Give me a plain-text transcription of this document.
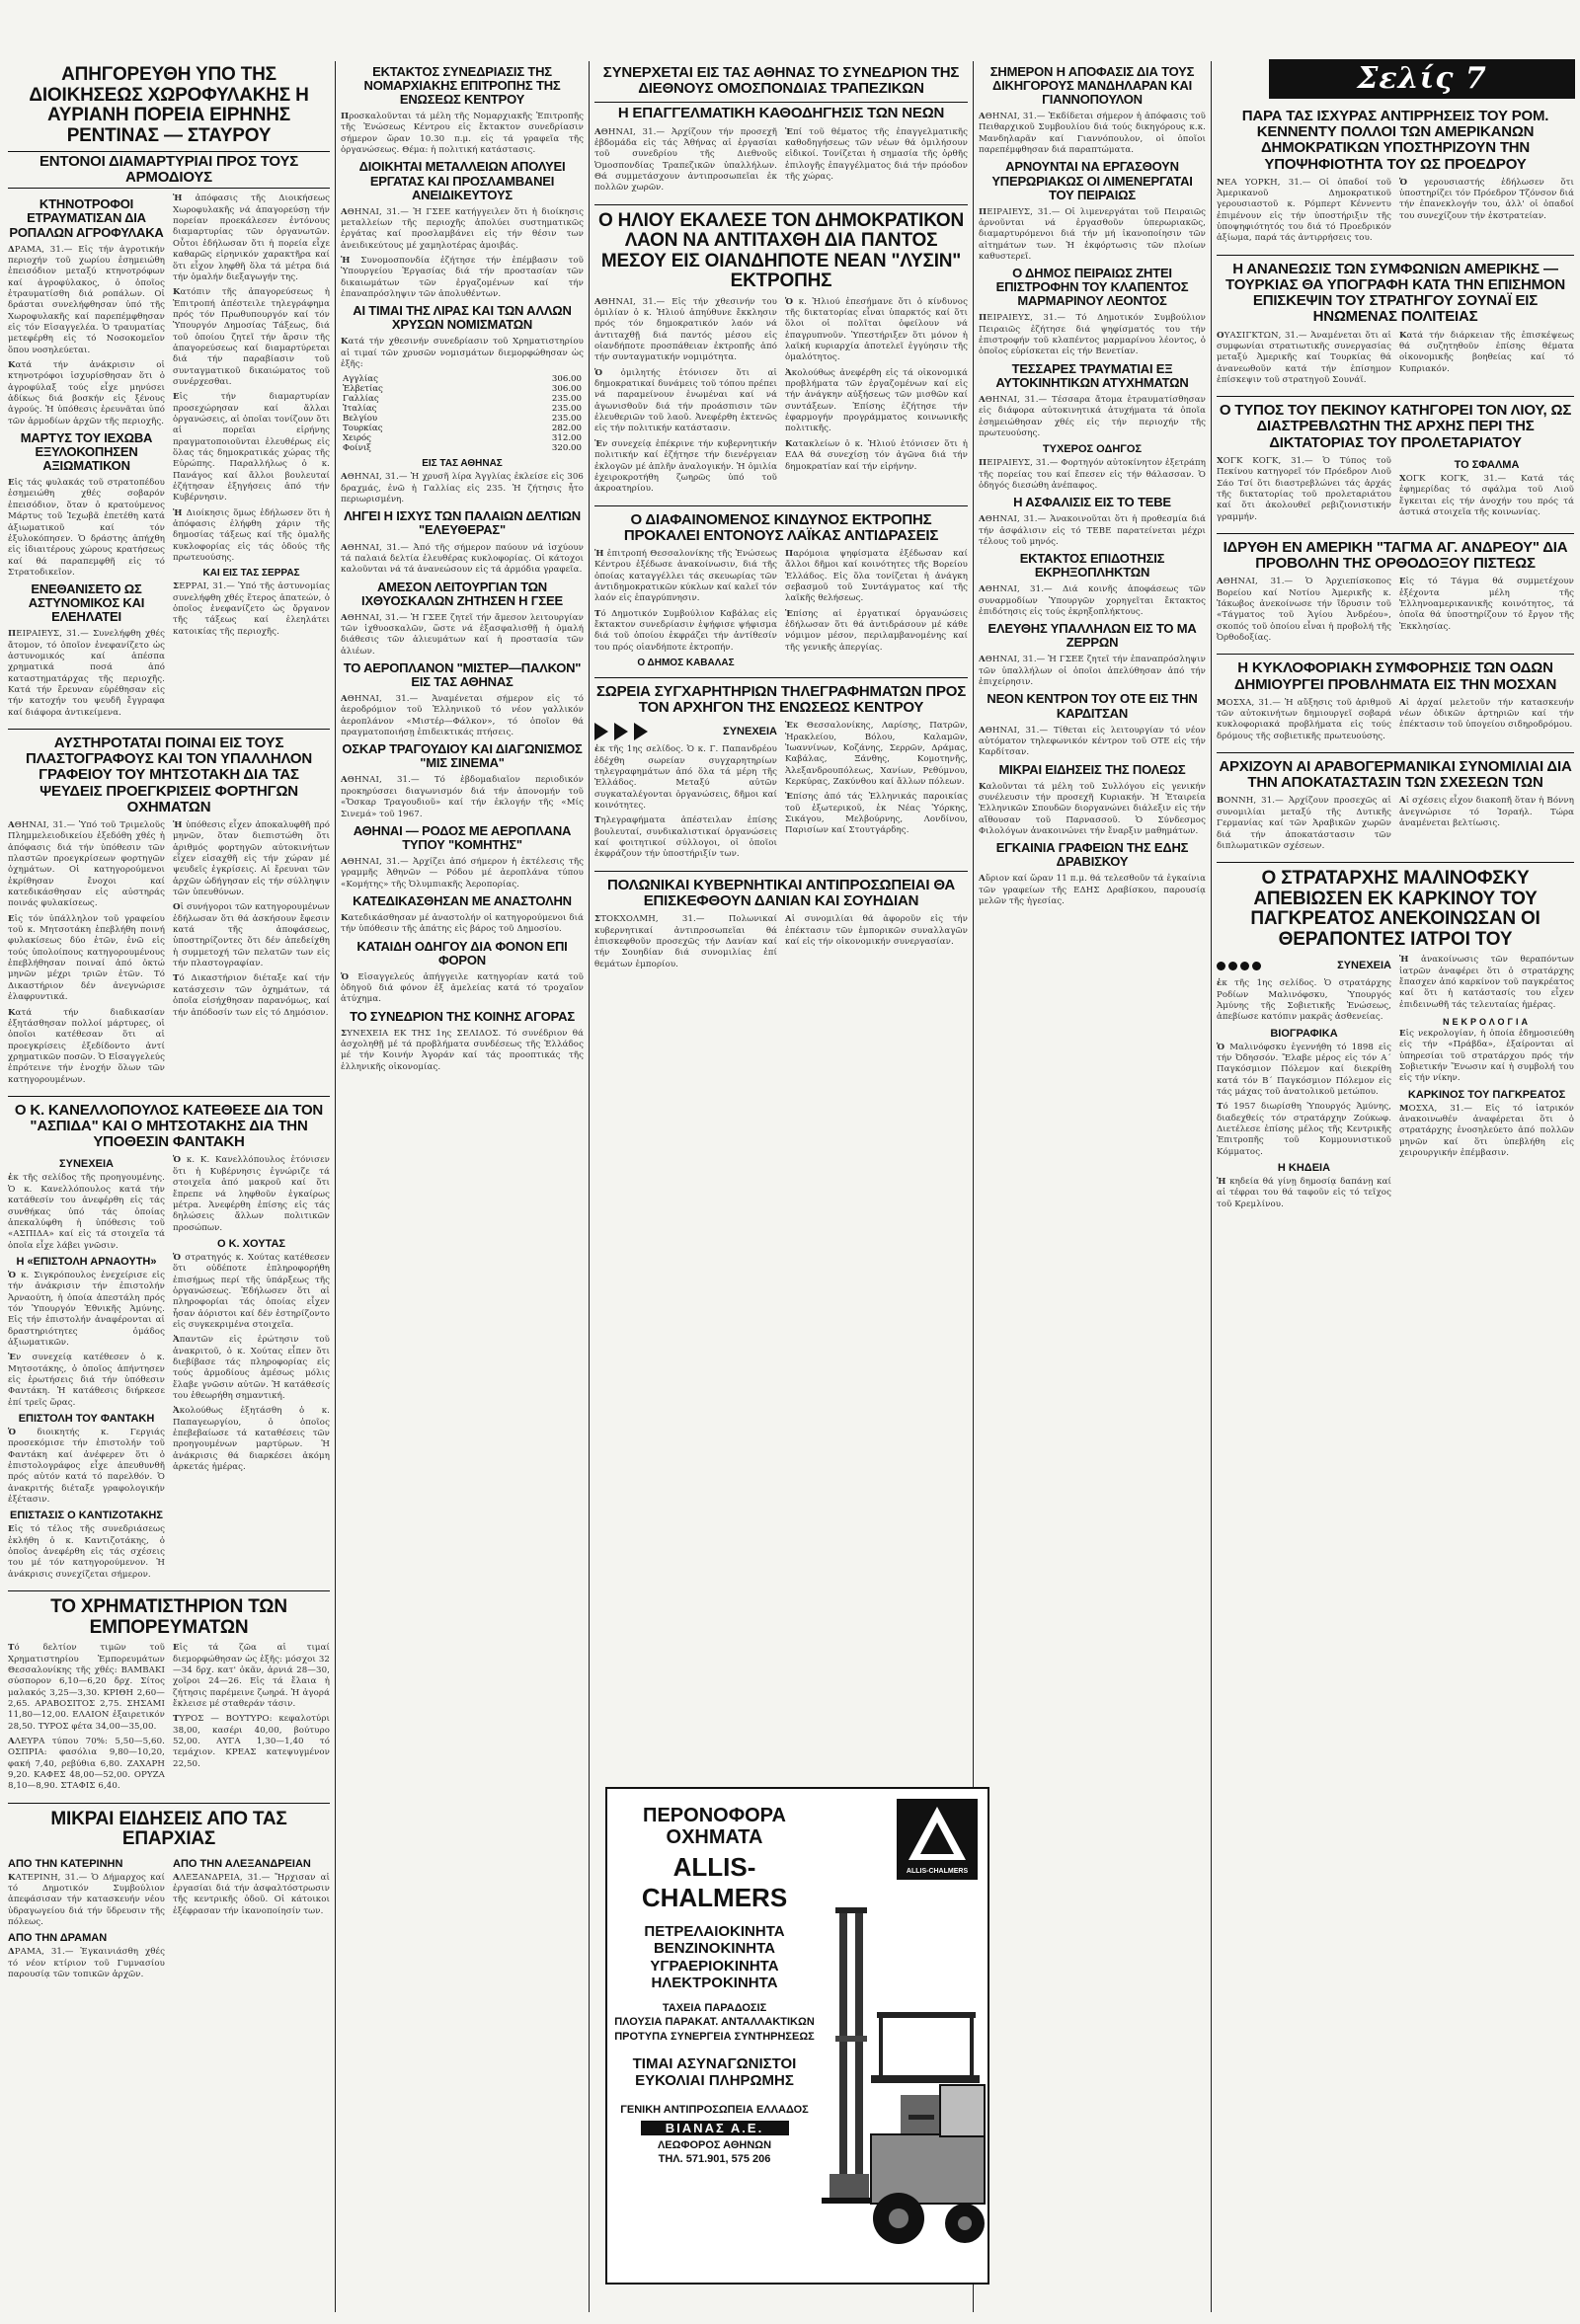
Σελίς 7
ΑΠΗΓΟΡΕΥΘΗ ΥΠΟ ΤΗΣ ΔΙΟΙΚΗΣΕΩΣ ΧΩΡΟΦΥΛΑΚΗΣ Η ΑΥΡΙΑΝΗ ΠΟΡΕΙΑ ΕΙΡΗΝΗΣ ΡΕΝΤΙΝΑΣ — ΣΤΑΥΡΟΥ
ΕΝΤΟΝΟΙ ΔΙΑΜΑΡΤΥΡΙΑΙ ΠΡΟΣ ΤΟΥΣ ΑΡΜΟΔΙΟΥΣ
ΚΤΗΝΟΤΡΟΦΟΙ ΕΤΡΑΥΜΑΤΙΣΑΝ ΔΙΑ ΡΟΠΑΛΩΝ ΑΓΡΟΦΥΛΑΚΑ

ΔΡΑΜΑ, 31.— Εἰς τήν ἀγροτικήν περιοχήν τοῦ χωρίου ἐσημειώθη ἐπεισόδιον μεταξύ κτηνοτρόφων καί ἀγροφύλακος, ὁ ὁποῖος ἐτραυματίσθη διά ροπάλων. Οἱ δράσται συνελήφθησαν ὑπό τῆς Χωροφυλακῆς καί παρεπέμφθησαν εἰς τόν Εἰσαγγελέα. Ὁ τραυματίας μετεφέρθη εἰς τό Νοσοκομεῖον ὅπου νοσηλεύεται.

Κατά τήν ἀνάκρισιν οἱ κτηνοτρόφοι ἰσχυρίσθησαν ὅτι ὁ ἀγροφύλαξ τούς εἶχε μηνύσει ἀδίκως διά βοσκήν εἰς ξένους ἀγρούς. Ἡ ὑπόθεσις ἐρευνᾶται ὑπό τῶν ἀρμοδίων ἀρχῶν τῆς περιοχῆς.

ΜΑΡΤΥΣ ΤΟΥ ΙΕΧΩΒΑ ΕΞΥΛΟΚΟΠΗΣΕΝ ΑΞΙΩΜΑΤΙΚΟΝ

Εἰς τάς φυλακάς τοῦ στρατοπέδου ἐσημειώθη χθές σοβαρόν ἐπεισόδιον, ὅταν ὁ κρατούμενος Μάρτυς τοῦ Ἰεχωβᾶ ἐπετέθη κατά ἀξιωματικοῦ καί τόν ἐξυλοκόπησεν. Ὁ δράστης ἀπήχθη εἰς ἰδιαιτέρους χώρους κρατήσεως καί θά παραπεμφθῆ εἰς τό Στρατοδικεῖον.

ΕΝΕΘΑΝΙΣΕΤΟ ΩΣ ΑΣΤΥΝΟΜΙΚΟΣ ΚΑΙ ΕΛΕΗΛΑΤΕΙ

ΠΕΙΡΑΙΕΥΣ, 31.— Συνελήφθη χθές ἄτομον, τό ὁποῖον ἐνεφανίζετο ὡς ἀστυνομικός καί ἀπέσπα χρηματικά ποσά ἀπό καταστηματάρχας τῆς περιοχῆς. Κατά τήν ἔρευναν εὑρέθησαν εἰς τήν κατοχήν του ψευδῆ ἔγγραφα καί διάφορα ἀντικείμενα.

Ἡ ἀπόφασις τῆς Διοικήσεως Χωροφυλακῆς νά ἀπαγορεύσῃ τήν πορείαν προεκάλεσεν ἐντόνους διαμαρτυρίας τῶν ὀργανωτῶν. Οὗτοι ἐδήλωσαν ὅτι ἡ πορεία εἶχε καθαρῶς εἰρηνικόν χαρακτῆρα καί ὅτι εἶχον ληφθῆ ὅλα τά μέτρα διά τήν ὁμαλήν διεξαγωγήν της.

Κατόπιν τῆς ἀπαγορεύσεως ἡ Ἐπιτροπή ἀπέστειλε τηλεγράφημα πρός τόν Πρωθυπουργόν καί τόν Ὑπουργόν Δημοσίας Τάξεως, διά τοῦ ὁποίου ζητεῖ τήν ἄρσιν τῆς ἀπαγορεύσεως καί διαμαρτύρεται διά τήν παραβίασιν τοῦ συνταγματικοῦ δικαιώματος τοῦ συνέρχεσθαι.

Εἰς τήν διαμαρτυρίαν προσεχώρησαν καί ἄλλαι ὀργανώσεις, αἱ ὁποῖαι τονίζουν ὅτι αἱ πορεῖαι εἰρήνης πραγματοποιοῦνται ἐλευθέρως εἰς ὅλας τάς δημοκρατικάς χώρας τῆς Εὐρώπης. Παραλλήλως ὁ κ. Πανάγος καί ἄλλοι βουλευταί ἐζήτησαν ἐξηγήσεις ἀπό τήν Κυβέρνησιν.

Ἡ Διοίκησις ὅμως ἐδήλωσεν ὅτι ἡ ἀπόφασις ἐλήφθη χάριν τῆς δημοσίας τάξεως καί τῆς ὁμαλῆς κυκλοφορίας εἰς τάς ὁδούς τῆς πρωτευούσης.

ΚΑΙ ΕΙΣ ΤΑΣ ΣΕΡΡΑΣ

ΣΕΡΡΑΙ, 31.— Ὑπό τῆς ἀστυνομίας συνελήφθη χθές ἕτερος ἀπατεών, ὁ ὁποῖος ἐνεφανίζετο ὡς ὄργανον τῆς τάξεως καί ἐλεηλάτει κατοικίας τῆς περιοχῆς.

ΑΥΣΤΗΡΟΤΑΤΑΙ ΠΟΙΝΑΙ ΕΙΣ ΤΟΥΣ ΠΛΑΣΤΟΓΡΑΦΟΥΣ ΚΑΙ ΤΟΝ ΥΠΑΛΛΗΛΟΝ ΓΡΑΦΕΙΟΥ ΤΟΥ ΜΗΤΣΟΤΑΚΗ ΔΙΑ ΤΑΣ ΨΕΥΔΕΙΣ ΠΡΟΕΓΚΡΙΣΕΙΣ ΦΟΡΤΗΓΩΝ ΟΧΗΜΑΤΩΝ

ΑΘΗΝΑΙ, 31.— Ὑπό τοῦ Τριμελοῦς Πλημμελειοδικείου ἐξεδόθη χθές ἡ ἀπόφασις διά τήν ὑπόθεσιν τῶν πλαστῶν προεγκρίσεων φορτηγῶν ὀχημάτων. Οἱ κατηγορούμενοι ἐκρίθησαν ἔνοχοι καί κατεδικάσθησαν εἰς αὐστηράς ποινάς φυλακίσεως.

Εἰς τόν ὑπάλληλον τοῦ γραφείου τοῦ κ. Μητσοτάκη ἐπεβλήθη ποινή φυλακίσεως δύο ἐτῶν, ἐνῶ εἰς τούς ὑπολοίπους κατηγορουμένους ἐπεβλήθησαν ποιναί ἀπό ὀκτώ μηνῶν μέχρι τριῶν ἐτῶν. Τό Δικαστήριον δέν ἀνεγνώρισε ἐλαφρυντικά.

Κατά τήν διαδικασίαν ἐξητάσθησαν πολλοί μάρτυρες, οἱ ὁποῖοι κατέθεσαν ὅτι αἱ προεγκρίσεις ἐξεδίδοντο ἀντί χρηματικῶν ποσῶν. Ὁ Εἰσαγγελεύς ἐπρότεινε τήν ἐνοχήν ὅλων τῶν κατηγορουμένων.

Ἡ ὑπόθεσις εἶχεν ἀποκαλυφθῆ πρό μηνῶν, ὅταν διεπιστώθη ὅτι ἀριθμός φορτηγῶν αὐτοκινήτων εἶχεν εἰσαχθῆ εἰς τήν χώραν μέ ψευδεῖς ἐγκρίσεις. Αἱ ἔρευναι τῶν ἀρχῶν ὡδήγησαν εἰς τήν σύλληψιν τῶν ὑπευθύνων.

Οἱ συνήγοροι τῶν κατηγορουμένων ἐδήλωσαν ὅτι θά ἀσκήσουν ἔφεσιν κατά τῆς ἀποφάσεως, ὑποστηρίζοντες ὅτι δέν ἀπεδείχθη ἡ συμμετοχή τῶν πελατῶν των εἰς τήν πλαστογραφίαν.

Τό Δικαστήριον διέταξε καί τήν κατάσχεσιν τῶν ὀχημάτων, τά ὁποῖα εἰσήχθησαν παρανόμως, καί τήν ἀπόδοσίν των εἰς τό Δημόσιον.

Ο Κ. ΚΑΝΕΛΛΟΠΟΥΛΟΣ ΚΑΤΕΘΕΣΕ ΔΙΑ ΤΟΝ "ΑΣΠΙΔΑ" ΚΑΙ Ο ΜΗΤΣΟΤΑΚΗΣ ΔΙΑ ΤΗΝ ΥΠΟΘΕΣΙΝ ΦΑΝΤΑΚΗ
ΣΥΝΕΧΕΙΑ

ἐκ τῆς σελίδος τῆς προηγουμένης. Ὁ κ. Κανελλόπουλος κατά τήν κατάθεσίν του ἀνεφέρθη εἰς τάς συνθήκας ὑπό τάς ὁποίας ἀπεκαλύφθη ἡ ὑπόθεσις τοῦ «ΑΣΠΙΔΑ» καί εἰς τά στοιχεῖα τά ὁποῖα εἶχε λάβει γνῶσιν.

Η «ΕΠΙΣΤΟΛΗ ΑΡΝΑΟΥΤΗ»

Ὁ κ. Σιγκρόπουλος ἐνεχείρισε εἰς τήν ἀνάκρισιν τήν ἐπιστολήν Ἀρναούτη, ἡ ὁποία ἀπεστάλη πρός τόν Ὑπουργόν Ἐθνικῆς Ἀμύνης. Εἰς τήν ἐπιστολήν ἀναφέρονται αἱ δραστηριότητες ὁμάδος ἀξιωματικῶν.

Ἐν συνεχείᾳ κατέθεσεν ὁ κ. Μητσοτάκης, ὁ ὁποῖος ἀπήντησεν εἰς ἐρωτήσεις διά τήν ὑπόθεσιν Φαντάκη. Ἡ κατάθεσις διήρκεσε ἐπί τρεῖς ὥρας.

ΕΠΙΣΤΟΛΗ ΤΟΥ ΦΑΝΤΑΚΗ

Ὁ διοικητής κ. Γεργιάς προσεκόμισε τήν ἐπιστολήν τοῦ Φαντάκη καί ἀνέφερεν ὅτι ὁ ἐπιστολογράφος εἶχε ἀπευθυνθῆ πρός αὐτόν κατά τό παρελθόν. Ὁ ἀνακριτής διέταξε γραφολογικήν ἐξέτασιν.

ΕΠΙΣΤΑΣΙΣ Ο ΚΑΝΤΙΖΟΤΑΚΗΣ

Εἰς τό τέλος τῆς συνεδριάσεως ἐκλήθη ὁ κ. Καντιζοτάκης, ὁ ὁποῖος ἀνεφέρθη εἰς τάς σχέσεις του μέ τόν κατηγορούμενον. Ἡ ἀνάκρισις συνεχίζεται σήμερον.

Ὁ κ. Κ. Κανελλόπουλος ἐτόνισεν ὅτι ἡ Κυβέρνησις ἐγνώριζε τά στοιχεῖα ἀπό μακροῦ καί ὅτι ἔπρεπε νά ληφθοῦν ἐγκαίρως μέτρα. Ἀνεφέρθη ἐπίσης εἰς τάς δηλώσεις ἄλλων πολιτικῶν προσώπων.

Ο Κ. ΧΟΥΤΑΣ

Ὁ στρατηγός κ. Χούτας κατέθεσεν ὅτι οὐδέποτε ἐπληροφορήθη ἐπισήμως περί τῆς ὑπάρξεως τῆς ὀργανώσεως. Ἐδήλωσεν ὅτι αἱ πληροφορίαι τάς ὁποίας εἶχεν ἦσαν ἀόριστοι καί δέν ἐστηρίζοντο εἰς συγκεκριμένα στοιχεῖα.

Ἀπαντῶν εἰς ἐρώτησιν τοῦ ἀνακριτοῦ, ὁ κ. Χούτας εἶπεν ὅτι διεβίβασε τάς πληροφορίας εἰς τούς ἀρμοδίους ἀμέσως μόλις ἔλαβε γνῶσιν αὐτῶν. Ἡ κατάθεσίς του ἐθεωρήθη σημαντική.

Ἀκολούθως ἐξητάσθη ὁ κ. Παπαγεωργίου, ὁ ὁποῖος ἐπεβεβαίωσε τά καταθέσεις τῶν προηγουμένων μαρτύρων. Ἡ ἀνάκρισις θά διαρκέσει ἀκόμη ἀρκετάς ἡμέρας.

ΤΟ ΧΡΗΜΑΤΙΣΤΗΡΙΟΝ ΤΩΝ ΕΜΠΟΡΕΥΜΑΤΩΝ

Τό δελτίον τιμῶν τοῦ Χρηματιστηρίου Ἐμπορευμάτων Θεσσαλονίκης τῆς χθές: ΒΑΜΒΑΚΙ σύσπορον 6,10—6,20 δρχ. Σίτος μαλακός 3,25—3,30. ΚΡΙΘΗ 2,60—2,65. ΑΡΑΒΟΣΙΤΟΣ 2,75. ΣΗΣΑΜΙ 11,80—12,00. ΕΛΑΙΟΝ ἐξαιρετικόν 28,50. ΤΥΡΟΣ φέτα 34,00—35,00.

ΑΛΕΥΡΑ τύπου 70%: 5,50—5,60. ΟΣΠΡΙΑ: φασόλια 9,80—10,20, φακή 7,40, ρεβύθια 6,80. ΖΑΧΑΡΗ 9,20. ΚΑΦΕΣ 48,00—52,00. ΟΡΥΖΑ 8,10—8,90. ΣΤΑΦΙΣ 6,40.

Εἰς τά ζῶα αἱ τιμαί διεμορφώθησαν ὡς ἑξῆς: μόσχοι 32—34 δρχ. κατ' ὀκᾶν, ἀρνιά 28—30, χοῖροι 24—26. Εἰς τά ἔλαια ἡ ζήτησις παρέμεινε ζωηρά. Ἡ ἀγορά ἔκλεισε μέ σταθεράν τάσιν.

ΤΥΡΟΣ — ΒΟΥΤΥΡΟ: κεφαλοτύρι 38,00, κασέρι 40,00, βούτυρο 52,00. ΑΥΓΑ 1,30—1,40 τό τεμάχιον. ΚΡΕΑΣ κατεψυγμένον 22,50.

ΜΙΚΡΑΙ ΕΙΔΗΣΕΙΣ ΑΠΟ ΤΑΣ ΕΠΑΡΧΙΑΣ
ΑΠΟ ΤΗΝ ΚΑΤΕΡΙΝΗΝ

ΚΑΤΕΡΙΝΗ, 31.— Ὁ Δήμαρχος καί τό Δημοτικόν Συμβούλιον ἀπεφάσισαν τήν κατασκευήν νέου ὑδραγωγείου διά τήν ὕδρευσιν τῆς πόλεως.

ΑΠΟ ΤΗΝ ΔΡΑΜΑΝ

ΔΡΑΜΑ, 31.— Ἐγκαινιάσθη χθές τό νέον κτίριον τοῦ Γυμνασίου παρουσίᾳ τῶν τοπικῶν ἀρχῶν.

ΑΠΟ ΤΗΝ ΑΛΕΞΑΝΔΡΕΙΑΝ

ΑΛΕΞΑΝΔΡΕΙΑ, 31.— Ἤρχισαν αἱ ἐργασίαι διά τήν ἀσφαλτόστρωσιν τῆς κεντρικῆς ὁδοῦ. Οἱ κάτοικοι ἐξέφρασαν τήν ἱκανοποίησίν των.

ΕΚΤΑΚΤΟΣ ΣΥΝΕΔΡΙΑΣΙΣ ΤΗΣ ΝΟΜΑΡΧΙΑΚΗΣ ΕΠΙΤΡΟΠΗΣ ΤΗΣ ΕΝΩΣΕΩΣ ΚΕΝΤΡΟΥ

Προσκαλοῦνται τά μέλη τῆς Νομαρχιακῆς Ἐπιτροπῆς τῆς Ἑνώσεως Κέντρου εἰς ἔκτακτον συνεδρίασιν σήμερον ὥραν 10.30 π.μ. εἰς τά γραφεῖα τῆς ὀργανώσεως. Θέμα: ἡ πολιτική κατάστασις.

ΔΙΟΙΚΗΤΑΙ ΜΕΤΑΛΛΕΙΩΝ ΑΠΟΛΥΕΙ ΕΡΓΑΤΑΣ ΚΑΙ ΠΡΟΣΛΑΜΒΑΝΕΙ ΑΝΕΙΔΙΚΕΥΤΟΥΣ

ΑΘΗΝΑΙ, 31.— Ἡ ΓΣΕΕ κατήγγειλεν ὅτι ἡ διοίκησις μεταλλείων τῆς περιοχῆς ἀπολύει συστηματικῶς ἐργάτας καί προσλαμβάνει εἰς τήν θέσιν των ἀνειδικεύτους μέ χαμηλοτέρας ἀμοιβάς.

Ἡ Συνομοσπονδία ἐζήτησε τήν ἐπέμβασιν τοῦ Ὑπουργείου Ἐργασίας διά τήν προστασίαν τῶν δικαιωμάτων τῶν ἐργαζομένων καί τήν ἐπαναπρόσληψιν τῶν ἀπολυθέντων.

ΑΙ ΤΙΜΑΙ ΤΗΣ ΛΙΡΑΣ ΚΑΙ ΤΩΝ ΑΛΛΩΝ ΧΡΥΣΩΝ ΝΟΜΙΣΜΑΤΩΝ

Κατά τήν χθεσινήν συνεδρίασιν τοῦ Χρηματιστηρίου αἱ τιμαί τῶν χρυσῶν νομισμάτων διεμορφώθησαν ὡς ἑξῆς:

Αγγλίας	306.00
Ἑλβετίας	306.00
Γαλλίας	235.00
Ἰταλίας	235.00
Βελγίου	235.00
Τουρκίας	282.00
Χειρός	312.00
Φοίνιξ	320.00
ΕΙΣ ΤΑΣ ΑΘΗΝΑΣ

ΑΘΗΝΑΙ, 31.— Ἡ χρυσῆ λίρα Ἀγγλίας ἐκλείσε εἰς 306 δραχμάς, ἐνῶ ἡ Γαλλίας εἰς 235. Ἡ ζήτησις ἦτο περιωρισμένη.

ΛΗΓΕΙ Η ΙΣΧΥΣ ΤΩΝ ΠΑΛΑΙΩΝ ΔΕΛΤΙΩΝ "ΕΛΕΥΘΕΡΑΣ"

ΑΘΗΝΑΙ, 31.— Ἀπό τῆς σήμερον παύουν νά ἰσχύουν τά παλαιά δελτία ἐλευθέρας κυκλοφορίας. Οἱ κάτοχοι καλοῦνται νά τά ἀνανεώσουν εἰς τά ἀρμόδια γραφεῖα.

ΑΜΕΣΟΝ ΛΕΙΤΟΥΡΓΙΑΝ ΤΩΝ ΙΧΘΥΟΣΚΑΛΩΝ ΖΗΤΗΣΕΝ Η ΓΣΕΕ

ΑΘΗΝΑΙ, 31.— Ἡ ΓΣΕΕ ζητεῖ τήν ἄμεσον λειτουργίαν τῶν ἰχθυοσκαλῶν, ὥστε νά ἐξασφαλισθῇ ἡ ὁμαλή διάθεσις τῶν ἀλιευμάτων καί ἡ προστασία τῶν ἁλιέων.

ΤΟ ΑΕΡΟΠΛΑΝΟΝ "ΜΙΣΤΕΡ—ΠΑΛΚΟΝ" ΕΙΣ ΤΑΣ ΑΘΗΝΑΣ

ΑΘΗΝΑΙ, 31.— Ἀναμένεται σήμερον εἰς τό ἀεροδρόμιον τοῦ Ἑλληνικοῦ τό νέον γαλλικόν ἀεροπλάνον «Μιστέρ—Φάλκον», τό ὁποῖον θά πραγματοποιήσῃ ἐπιδεικτικάς πτήσεις.

ΟΣΚΑΡ ΤΡΑΓΟΥΔΙΟΥ ΚΑΙ ΔΙΑΓΩΝΙΣΜΟΣ "ΜΙΣ ΣΙΝΕΜΑ"

ΑΘΗΝΑΙ, 31.— Τό ἑβδομαδιαῖον περιοδικόν προκηρύσσει διαγωνισμόν διά τήν ἀπονομήν τοῦ «Ὄσκαρ Τραγουδιοῦ» καί τήν ἐκλογήν τῆς «Μίς Σινεμά» τοῦ 1967.

ΑΘΗΝΑΙ — ΡΟΔΟΣ ΜΕ ΑΕΡΟΠΛΑΝΑ ΤΥΠΟΥ "ΚΟΜΗΤΗΣ"

ΑΘΗΝΑΙ, 31.— Ἀρχίζει ἀπό σήμερον ἡ ἐκτέλεσις τῆς γραμμῆς Ἀθηνῶν — Ρόδου μέ ἀεροπλάνα τύπου «Κομήτης» τῆς Ὀλυμπιακῆς Ἀεροπορίας.

ΚΑΤΕΔΙΚΑΣΘΗΣΑΝ ΜΕ ΑΝΑΣΤΟΛΗΝ

Κατεδικάσθησαν μέ ἀναστολήν οἱ κατηγορούμενοι διά τήν ὑπόθεσιν τῆς ἀπάτης εἰς βάρος τοῦ Δημοσίου.

ΚΑΤΑΙΔΗ ΟΔΗΓΟΥ ΔΙΑ ΦΟΝΟΝ ΕΠΙ ΦΟΡΟΝ

Ὁ Εἰσαγγελεύς ἀπήγγειλε κατηγορίαν κατά τοῦ ὁδηγοῦ διά φόνον ἐξ ἀμελείας κατά τό τροχαῖον ἀτύχημα.

ΤΟ ΣΥΝΕΔΡΙΟΝ ΤΗΣ ΚΟΙΝΗΣ ΑΓΟΡΑΣ

ΣΥΝΕΧΕΙΑ ΕΚ ΤΗΣ 1ης ΣΕΛΙΔΟΣ. Τό συνέδριον θά ἀσχοληθῇ μέ τά προβλήματα συνδέσεως τῆς Ἑλλάδος μέ τήν Κοινήν Ἀγοράν καί τάς προοπτικάς τῆς ἑλληνικῆς οἰκονομίας.

ΣΥΝΕΡΧΕΤΑΙ ΕΙΣ ΤΑΣ ΑΘΗΝΑΣ ΤΟ ΣΥΝΕΔΡΙΟΝ ΤΗΣ ΔΙΕΘΝΟΥΣ ΟΜΟΣΠΟΝΔΙΑΣ ΤΡΑΠΕΖΙΚΩΝ
Η ΕΠΑΓΓΕΛΜΑΤΙΚΗ ΚΑΘΟΔΗΓΗΣΙΣ ΤΩΝ ΝΕΩΝ

ΑΘΗΝΑΙ, 31.— Ἀρχίζουν τήν προσεχῆ ἑβδομάδα εἰς τάς Ἀθήνας αἱ ἐργασίαι τοῦ συνεδρίου τῆς Διεθνοῦς Ὁμοσπονδίας Τραπεζικῶν ὑπαλλήλων. Θά συμμετάσχουν ἀντιπροσωπεῖαι ἐκ πολλῶν χωρῶν.

Ἐπί τοῦ θέματος τῆς ἐπαγγελματικῆς καθοδηγήσεως τῶν νέων θά ὁμιλήσουν εἰδικοί. Τονίζεται ἡ σημασία τῆς ὀρθῆς ἐπιλογῆς ἐπαγγέλματος διά τήν πρόοδον τῆς χώρας.

Ο ΗΛΙΟΥ ΕΚΑΛΕΣΕ ΤΟΝ ΔΗΜΟΚΡΑΤΙΚΟΝ ΛΑΟΝ ΝΑ ΑΝΤΙΤΑΧΘΗ ΔΙΑ ΠΑΝΤΟΣ ΜΕΣΟΥ ΕΙΣ ΟΙΑΝΔΗΠΟΤΕ ΝΕΑΝ "ΛΥΣΙΝ" ΕΚΤΡΟΠΗΣ

ΑΘΗΝΑΙ, 31.— Εἰς τήν χθεσινήν του ὁμιλίαν ὁ κ. Ἠλιού ἀπηύθυνε ἔκκλησιν πρός τόν δημοκρατικόν λαόν νά ἀντιταχθῇ διά παντός μέσου εἰς οἱανδήποτε προσπάθειαν ἐκτροπῆς ἀπό τήν συνταγματικήν νομιμότητα.

Ὁ ὁμιλητής ἐτόνισεν ὅτι αἱ δημοκρατικαί δυνάμεις τοῦ τόπου πρέπει νά παραμείνουν ἑνωμέναι καί νά ἀγωνισθοῦν διά τήν προάσπισιν τῶν ἐλευθεριῶν τοῦ λαοῦ. Ἀνεφέρθη ἐκτενῶς εἰς τήν πολιτικήν κατάστασιν.

Ἐν συνεχείᾳ ἐπέκρινε τήν κυβερνητικήν πολιτικήν καί ἐζήτησε τήν διενέργειαν ἐκλογῶν μέ ἁπλῆν ἀναλογικήν. Ἡ ὁμιλία ἐχειροκροτήθη ζωηρῶς ὑπό τοῦ ἀκροατηρίου.

Ὁ κ. Ἠλιού ἐπεσήμανε ὅτι ὁ κίνδυνος τῆς δικτατορίας εἶναι ὑπαρκτός καί ὅτι ὅλοι οἱ πολῖται ὀφείλουν νά ἐπαγρυπνοῦν. Ὑπεστήριξεν ὅτι μόνον ἡ λαϊκή κυριαρχία ἀποτελεῖ ἐγγύησιν τῆς ὁμαλότητος.

Ἀκολούθως ἀνεφέρθη εἰς τά οἰκονομικά προβλήματα τῶν ἐργαζομένων καί εἰς τήν ἀνάγκην αὐξήσεως τῶν μισθῶν καί συντάξεων. Ἐπίσης ἐζήτησε τήν ἐφαρμογήν προγράμματος κοινωνικῆς πολιτικῆς.

Κατακλείων ὁ κ. Ἠλιού ἐτόνισεν ὅτι ἡ ΕΔΑ θά συνεχίσῃ τόν ἀγῶνα διά τήν δημοκρατίαν καί τήν εἰρήνην.

Ο ΔΙΑΦΑΙΝΟΜΕΝΟΣ ΚΙΝΔΥΝΟΣ ΕΚΤΡΟΠΗΣ ΠΡΟΚΑΛΕΙ ΕΝΤΟΝΟΥΣ ΛΑΪΚΑΣ ΑΝΤΙΔΡΑΣΕΙΣ

Ἡ ἐπιτροπή Θεσσαλονίκης τῆς Ἑνώσεως Κέντρου ἐξέδωσε ἀνακοίνωσιν, διά τῆς ὁποίας καταγγέλλει τάς σκευωρίας τῶν ἀντιδημοκρατικῶν κύκλων καί καλεῖ τόν λαόν εἰς ἐπαγρύπνησιν.

Τό Δημοτικόν Συμβούλιον Καβάλας εἰς ἔκτακτον συνεδρίασιν ἐψήφισε ψήφισμα διά τοῦ ὁποίου ἐκφράζει τήν ἀντίθεσίν του πρός οἱανδήποτε ἐκτροπήν.

Ο ΔΗΜΟΣ ΚΑΒΑΛΑΣ

Παρόμοια ψηφίσματα ἐξέδωσαν καί ἄλλοι δῆμοι καί κοινότητες τῆς Βορείου Ἑλλάδος. Εἰς ὅλα τονίζεται ἡ ἀνάγκη σεβασμοῦ τοῦ Συντάγματος καί τῆς λαϊκῆς θελήσεως.

Ἐπίσης αἱ ἐργατικαί ὀργανώσεις ἐδήλωσαν ὅτι θά ἀντιδράσουν μέ κάθε νόμιμον μέσον, περιλαμβανομένης καί τῆς γενικῆς ἀπεργίας.

ΣΩΡΕΙΑ ΣΥΓΧΑΡΗΤΗΡΙΩΝ ΤΗΛΕΓΡΑΦΗΜΑΤΩΝ ΠΡΟΣ ΤΟΝ ΑΡΧΗΓΟΝ ΤΗΣ ΕΝΩΣΕΩΣ ΚΕΝΤΡΟΥ
ΣΥΝΕΧΕΙΑ

ἐκ τῆς 1ης σελίδος. Ὁ κ. Γ. Παπανδρέου ἐδέχθη σωρείαν συγχαρητηρίων τηλεγραφημάτων ἀπό ὅλα τά μέρη τῆς Ἑλλάδος. Μεταξύ αὐτῶν συγκαταλέγονται ὀργανώσεις, δῆμοι καί κοινότητες.

Τηλεγραφήματα ἀπέστειλαν ἐπίσης βουλευταί, συνδικαλιστικαί ὀργανώσεις καί φοιτητικοί σύλλογοι, οἱ ὁποῖοι ἐκφράζουν τήν ὑποστήριξίν των.

Ἐκ Θεσσαλονίκης, Λαρίσης, Πατρῶν, Ἡρακλείου, Βόλου, Καλαμῶν, Ἰωαννίνων, Κοζάνης, Σερρῶν, Δράμας, Καβάλας, Ξάνθης, Κομοτηνῆς, Ἀλεξανδρουπόλεως, Χανίων, Ρεθύμνου, Κερκύρας, Ζακύνθου καί ἄλλων πόλεων.

Ἐπίσης ἀπό τάς Ἑλληνικάς παροικίας τοῦ ἐξωτερικοῦ, ἐκ Νέας Ὑόρκης, Σικάγου, Μελβούρνης, Λονδίνου, Παρισίων καί Στουτγάρδης.

ΠΟΛΩΝΙΚΑΙ ΚΥΒΕΡΝΗΤΙΚΑΙ ΑΝΤΙΠΡΟΣΩΠΕΙΑΙ ΘΑ ΕΠΙΣΚΕΦΘΟΥΝ ΔΑΝΙΑΝ ΚΑΙ ΣΟΥΗΔΙΑΝ

ΣΤΟΚΧΟΛΜΗ, 31.— Πολωνικαί κυβερνητικαί ἀντιπροσωπεῖαι θά ἐπισκεφθοῦν προσεχῶς τήν Δανίαν καί τήν Σουηδίαν διά συνομιλίας ἐπί θεμάτων ἐμπορίου.

Αἱ συνομιλίαι θά ἀφοροῦν εἰς τήν ἐπέκτασιν τῶν ἐμπορικῶν συναλλαγῶν καί εἰς τήν οἰκονομικήν συνεργασίαν.

ΣΗΜΕΡΟΝ Η ΑΠΟΦΑΣΙΣ ΔΙΑ ΤΟΥΣ ΔΙΚΗΓΟΡΟΥΣ ΜΑΝΔΗΛΑΡΑΝ ΚΑΙ ΓΙΑΝΝΟΠΟΥΛΟΝ

ΑΘΗΝΑΙ, 31.— Ἐκδίδεται σήμερον ἡ ἀπόφασις τοῦ Πειθαρχικοῦ Συμβουλίου διά τούς δικηγόρους κ.κ. Μανδηλαρᾶν καί Γιαννόπουλον, οἱ ὁποῖοι παρεπέμφθησαν διά παραπτώματα.

ΑΡΝΟΥΝΤΑΙ ΝΑ ΕΡΓΑΣΘΟΥΝ ΥΠΕΡΩΡΙΑΚΩΣ ΟΙ ΛΙΜΕΝΕΡΓΑΤΑΙ ΤΟΥ ΠΕΙΡΑΙΩΣ

ΠΕΙΡΑΙΕΥΣ, 31.— Οἱ λιμενεργάται τοῦ Πειραιῶς ἀρνοῦνται νά ἐργασθοῦν ὑπερωριακῶς, διαμαρτυρόμενοι διά τήν μή ἱκανοποίησιν τῶν αἰτημάτων των. Ἡ ἐκφόρτωσις τῶν πλοίων καθυστερεῖ.

Ο ΔΗΜΟΣ ΠΕΙΡΑΙΩΣ ΖΗΤΕΙ ΕΠΙΣΤΡΟΦΗΝ ΤΟΥ ΚΛΑΠΕΝΤΟΣ ΜΑΡΜΑΡΙΝΟΥ ΛΕΟΝΤΟΣ

ΠΕΙΡΑΙΕΥΣ, 31.— Τό Δημοτικόν Συμβούλιον Πειραιῶς ἐζήτησε διά ψηφίσματός του τήν ἐπιστροφήν τοῦ κλαπέντος μαρμαρίνου λέοντος, ὁ ὁποῖος εὑρίσκεται εἰς τήν Βενετίαν.

ΤΕΣΣΑΡΕΣ ΤΡΑΥΜΑΤΙΑΙ ΕΞ ΑΥΤΟΚΙΝΗΤΙΚΩΝ ΑΤΥΧΗΜΑΤΩΝ

ΑΘΗΝΑΙ, 31.— Τέσσαρα ἄτομα ἐτραυματίσθησαν εἰς διάφορα αὐτοκινητικά ἀτυχήματα τά ὁποῖα ἐσημειώθησαν χθές εἰς τήν περιοχήν τῆς πρωτευούσης.

ΤΥΧΕΡΟΣ ΟΔΗΓΟΣ

ΠΕΙΡΑΙΕΥΣ, 31.— Φορτηγόν αὐτοκίνητον ἐξετράπη τῆς πορείας του καί ἔπεσεν εἰς τήν θάλασσαν. Ὁ ὁδηγός διεσώθη ἀνέπαφος.

Η ΑΣΦΑΛΙΣΙΣ ΕΙΣ ΤΟ ΤΕΒΕ

ΑΘΗΝΑΙ, 31.— Ἀνακοινοῦται ὅτι ἡ προθεσμία διά τήν ἀσφάλισιν εἰς τό ΤΕΒΕ παρατείνεται μέχρι τέλους τοῦ μηνός.

ΕΚΤΑΚΤΟΣ ΕΠΙΔΟΤΗΣΙΣ ΕΚΡΗΞΟΠΛΗΚΤΩΝ

ΑΘΗΝΑΙ, 31.— Διά κοινῆς ἀποφάσεως τῶν συναρμοδίων Ὑπουργῶν χορηγεῖται ἔκτακτος ἐπιδότησις εἰς τούς ἐκρηξοπλήκτους.

ΕΛΕΥΘΗΣ ΥΠΑΛΛΗΛΩΝ ΕΙΣ ΤΟ ΜΑ ΖΕΡΡΩΝ

ΑΘΗΝΑΙ, 31.— Ἡ ΓΣΕΕ ζητεῖ τήν ἐπαναπρόσληψιν τῶν ὑπαλλήλων οἱ ὁποῖοι ἀπελύθησαν ἀπό τήν ἐπιχείρησιν.

ΝΕΟΝ ΚΕΝΤΡΟΝ ΤΟΥ ΟΤΕ ΕΙΣ ΤΗΝ ΚΑΡΔΙΤΣΑΝ

ΑΘΗΝΑΙ, 31.— Τίθεται εἰς λειτουργίαν τό νέον αὐτόματον τηλεφωνικόν κέντρον τοῦ ΟΤΕ εἰς τήν Καρδίτσαν.

ΜΙΚΡΑΙ ΕΙΔΗΣΕΙΣ ΤΗΣ ΠΟΛΕΩΣ

Καλοῦνται τά μέλη τοῦ Συλλόγου εἰς γενικήν συνέλευσιν τήν προσεχῆ Κυριακήν. Ἡ Ἑταιρεία Ἑλληνικῶν Σπουδῶν διοργανώνει διάλεξιν εἰς τήν αἴθουσαν τοῦ Παρνασσοῦ. Ὁ Σύνδεσμος Φιλολόγων ἀνακοινώνει τήν ἔναρξιν μαθημάτων.

ΕΓΚΑΙΝΙΑ ΓΡΑΦΕΙΩΝ ΤΗΣ ΕΔΗΣ ΔΡΑΒΙΣΚΟΥ

Αὔριον καί ὥραν 11 π.μ. θά τελεσθοῦν τά ἐγκαίνια τῶν γραφείων τῆς ΕΔΗΣ Δραβίσκου, παρουσίᾳ μελῶν τῆς ἡγεσίας.

ΠΑΡΑ ΤΑΣ ΙΣΧΥΡΑΣ ΑΝΤΙΡΡΗΣΕΙΣ ΤΟΥ ΡΟΜ. ΚΕΝΝΕΝΤΥ ΠΟΛΛΟΙ ΤΩΝ ΑΜΕΡΙΚΑΝΩΝ ΔΗΜΟΚΡΑΤΙΚΩΝ ΥΠΟΣΤΗΡΙΖΟΥΝ ΤΗΝ ΥΠΟΨΗΦΙΟΤΗΤΑ ΤΟΥ ΩΣ ΠΡΟΕΔΡΟΥ

ΝΕΑ ΥΟΡΚΗ, 31.— Οἱ ὀπαδοί τοῦ Ἀμερικανοῦ Δημοκρατικοῦ γερουσιαστοῦ κ. Ρόμπερτ Κέννεντυ ἐπιμένουν εἰς τήν ὑποστήριξιν τῆς ὑποψηφιότητός του διά τό Προεδρικόν ἀξίωμα, παρά τάς ἀντιρρήσεις του.

Ὁ γερουσιαστής ἐδήλωσεν ὅτι ὑποστηρίζει τόν Πρόεδρον Τζόνσον διά τήν ἐπανεκλογήν του, ἀλλ' οἱ ὀπαδοί του συνεχίζουν τήν ἐκστρατείαν.

Η ΑΝΑΝΕΩΣΙΣ ΤΩΝ ΣΥΜΦΩΝΙΩΝ ΑΜΕΡΙΚΗΣ — ΤΟΥΡΚΙΑΣ ΘΑ ΥΠΟΓΡΑΦΗ ΚΑΤΑ ΤΗΝ ΕΠΙΣΗΜΟΝ ΕΠΙΣΚΕΨΙΝ ΤΟΥ ΣΤΡΑΤΗΓΟΥ ΣΟΥΝΑΪ ΕΙΣ ΗΝΩΜΕΝΑΣ ΠΟΛΙΤΕΙΑΣ

ΟΥΑΣΙΓΚΤΩΝ, 31.— Ἀναμένεται ὅτι αἱ συμφωνίαι στρατιωτικῆς συνεργασίας μεταξύ Ἀμερικῆς καί Τουρκίας θά ἀνανεωθοῦν κατά τήν ἐπίσημον ἐπίσκεψιν τοῦ στρατηγοῦ Σουνάϊ.

Κατά τήν διάρκειαν τῆς ἐπισκέψεως θά συζητηθοῦν ἐπίσης θέματα οἰκονομικῆς βοηθείας καί τό Κυπριακόν.

Ο ΤΥΠΟΣ ΤΟΥ ΠΕΚΙΝΟΥ ΚΑΤΗΓΟΡΕΙ ΤΟΝ ΛΙΟΥ, ΩΣ ΔΙΑΣΤΡΕΒΛΩΤΗΝ ΤΗΣ ΑΡΧΗΣ ΠΕΡΙ ΤΗΣ ΔΙΚΤΑΤΟΡΙΑΣ ΤΟΥ ΠΡΟΛΕΤΑΡΙΑΤΟΥ

ΧΟΓΚ ΚΟΓΚ, 31.— Ὁ Τύπος τοῦ Πεκίνου κατηγορεῖ τόν Πρόεδρον Λιοῦ Σάο Τσί ὅτι διαστρεβλώνει τάς ἀρχάς τῆς δικτατορίας τοῦ προλεταριάτου καί ὅτι ἀκολουθεῖ ρεβιζιονιστικήν γραμμήν.

ΤΟ ΣΦΑΛΜΑ

ΧΟΓΚ ΚΟΓΚ, 31.— Κατά τάς ἐφημερίδας τό σφάλμα τοῦ Λιοῦ ἔγκειται εἰς τήν ἀνοχήν του πρός τά ἀστικά στοιχεῖα τῆς κοινωνίας.

ΙΔΡΥΘΗ ΕΝ ΑΜΕΡΙΚΗ "ΤΑΓΜΑ ΑΓ. ΑΝΔΡΕΟΥ" ΔΙΑ ΠΡΟΒΟΛΗΝ ΤΗΣ ΟΡΘΟΔΟΞΟΥ ΠΙΣΤΕΩΣ

ΑΘΗΝΑΙ, 31.— Ὁ Ἀρχιεπίσκοπος Βορείου καί Νοτίου Ἀμερικῆς κ. Ἰάκωβος ἀνεκοίνωσε τήν ἵδρυσιν τοῦ «Τάγματος τοῦ Ἁγίου Ἀνδρέου», σκοπός τοῦ ὁποίου εἶναι ἡ προβολή τῆς Ὀρθοδοξίας.

Εἰς τό Τάγμα θά συμμετέχουν ἐξέχοντα μέλη τῆς Ἑλληνοαμερικανικῆς κοινότητος, τά ὁποῖα θά ὑποστηρίζουν τό ἔργον τῆς Ἐκκλησίας.

Η ΚΥΚΛΟΦΟΡΙΑΚΗ ΣΥΜΦΟΡΗΣΙΣ ΤΩΝ ΟΔΩΝ ΔΗΜΙΟΥΡΓΕΙ ΠΡΟΒΛΗΜΑΤΑ ΕΙΣ ΤΗΝ ΜΟΣΧΑΝ

ΜΟΣΧΑ, 31.— Ἡ αὔξησις τοῦ ἀριθμοῦ τῶν αὐτοκινήτων δημιουργεῖ σοβαρά κυκλοφοριακά προβλήματα εἰς τούς δρόμους τῆς σοβιετικῆς πρωτευούσης.

Αἱ ἀρχαί μελετοῦν τήν κατασκευήν νέων ὁδικῶν ἀρτηριῶν καί τήν ἐπέκτασιν τοῦ ὑπογείου σιδηροδρόμου.

ΑΡΧΙΖΟΥΝ ΑΙ ΑΡΑΒΟΓΕΡΜΑΝΙΚΑΙ ΣΥΝΟΜΙΛΙΑΙ ΔΙΑ ΤΗΝ ΑΠΟΚΑΤΑΣΤΑΣΙΝ ΤΩΝ ΣΧΕΣΕΩΝ ΤΩΝ

ΒΟΝΝΗ, 31.— Ἀρχίζουν προσεχῶς αἱ συνομιλίαι μεταξύ τῆς Δυτικῆς Γερμανίας καί τῶν Ἀραβικῶν χωρῶν διά τήν ἀποκατάστασιν τῶν διπλωματικῶν σχέσεων.

Αἱ σχέσεις εἶχον διακοπῆ ὅταν ἡ Βόννη ἀνεγνώρισε τό Ἰσραήλ. Τώρα ἀναμένεται βελτίωσις.

Ο ΣΤΡΑΤΑΡΧΗΣ ΜΑΛΙΝΟΦΣΚΥ ΑΠΕΒΙΩΣΕΝ ΕΚ ΚΑΡΚΙΝΟΥ ΤΟΥ ΠΑΓΚΡΕΑΤΟΣ ΑΝΕΚΟΙΝΩΣΑΝ ΟΙ ΘΕΡΑΠΟΝΤΕΣ ΙΑΤΡΟΙ ΤΟΥ
ΣΥΝΕΧΕΙΑ

ἐκ τῆς 1ης σελίδος. Ὁ στρατάρχης Ροδίων Μαλινόφσκυ, Ὑπουργός Ἀμύνης τῆς Σοβιετικῆς Ἑνώσεως, ἀπεβίωσε κατόπιν μακρᾶς ἀσθενείας.

ΒΙΟΓΡΑΦΙΚΑ

Ὁ Μαλινόφσκυ ἐγεννήθη τό 1898 εἰς τήν Ὀδησσόν. Ἔλαβε μέρος εἰς τόν Α΄ Παγκόσμιον Πόλεμον καί διεκρίθη κατά τόν Β΄ Παγκόσμιον Πόλεμον εἰς τάς μάχας τοῦ ἀνατολικοῦ μετώπου.

Τό 1957 διωρίσθη Ὑπουργός Ἀμύνης, διαδεχθείς τόν στρατάρχην Ζούκωφ. Διετέλεσε ἐπίσης μέλος τῆς Κεντρικῆς Ἐπιτροπῆς τοῦ Κομμουνιστικοῦ Κόμματος.

Η ΚΗΔΕΙΑ

Ἡ κηδεία θά γίνῃ δημοσίᾳ δαπάνῃ καί αἱ τέφραι του θά ταφοῦν εἰς τό τεῖχος τοῦ Κρεμλίνου.

Ἡ ἀνακοίνωσις τῶν θεραπόντων ἰατρῶν ἀναφέρει ὅτι ὁ στρατάρχης ἔπασχεν ἀπό καρκίνον τοῦ παγκρέατος καί ὅτι ἡ κατάστασίς του εἶχεν ἐπιδεινωθῆ τάς τελευταίας ἡμέρας.

ΝΕΚΡΟΛΟΓΙΑ

Εἰς νεκρολογίαν, ἡ ὁποία ἐδημοσιεύθη εἰς τήν «Πράβδα», ἐξαίρονται αἱ ὑπηρεσίαι τοῦ στρατάρχου πρός τήν Σοβιετικήν Ἕνωσιν καί ἡ συμβολή του εἰς τήν νίκην.

ΚΑΡΚΙΝΟΣ ΤΟΥ ΠΑΓΚΡΕΑΤΟΣ

ΜΟΣΧΑ, 31.— Εἰς τό ἰατρικόν ἀνακοινωθέν ἀναφέρεται ὅτι ὁ στρατάρχης ἐνοσηλεύετο ἀπό πολλῶν μηνῶν καί ὅτι ὑπεβλήθη εἰς χειρουργικήν ἐπέμβασιν.

ΠΕΡΟΝΟΦΟΡΑ ΟΧΗΜΑΤΑ
ALLIS-CHALMERS
ΠΕΤΡΕΛΑΙΟΚΙΝΗΤΑ
ΒΕΝΖΙΝΟΚΙΝΗΤΑ
ΥΓΡΑΕΡΙΟΚΙΝΗΤΑ
ΗΛΕΚΤΡΟΚΙΝΗΤΑ
ΤΑΧΕΙΑ ΠΑΡΑΔΟΣΙΣ
ΠΛΟΥΣΙΑ ΠΑΡΑΚΑΤ. ΑΝΤΑΛΛΑΚΤΙΚΩΝ
ΠΡΟΤΥΠΑ ΣΥΝΕΡΓΕΙΑ ΣΥΝΤΗΡΗΣΕΩΣ
ΤΙΜΑΙ ΑΣΥΝΑΓΩΝΙΣΤΟΙ
ΕΥΚΟΛΙΑΙ ΠΛΗΡΩΜΗΣ
ΓΕΝΙΚΗ ΑΝΤΙΠΡΟΣΩΠΕΙΑ ΕΛΛΑΔΟΣ
ΒΙΑΝΑΣ Α.Ε.
ΛΕΩΦΟΡΟΣ ΑΘΗΝΩΝ
ΤΗΛ. 571.901, 575 206
ALLIS-CHALMERS
